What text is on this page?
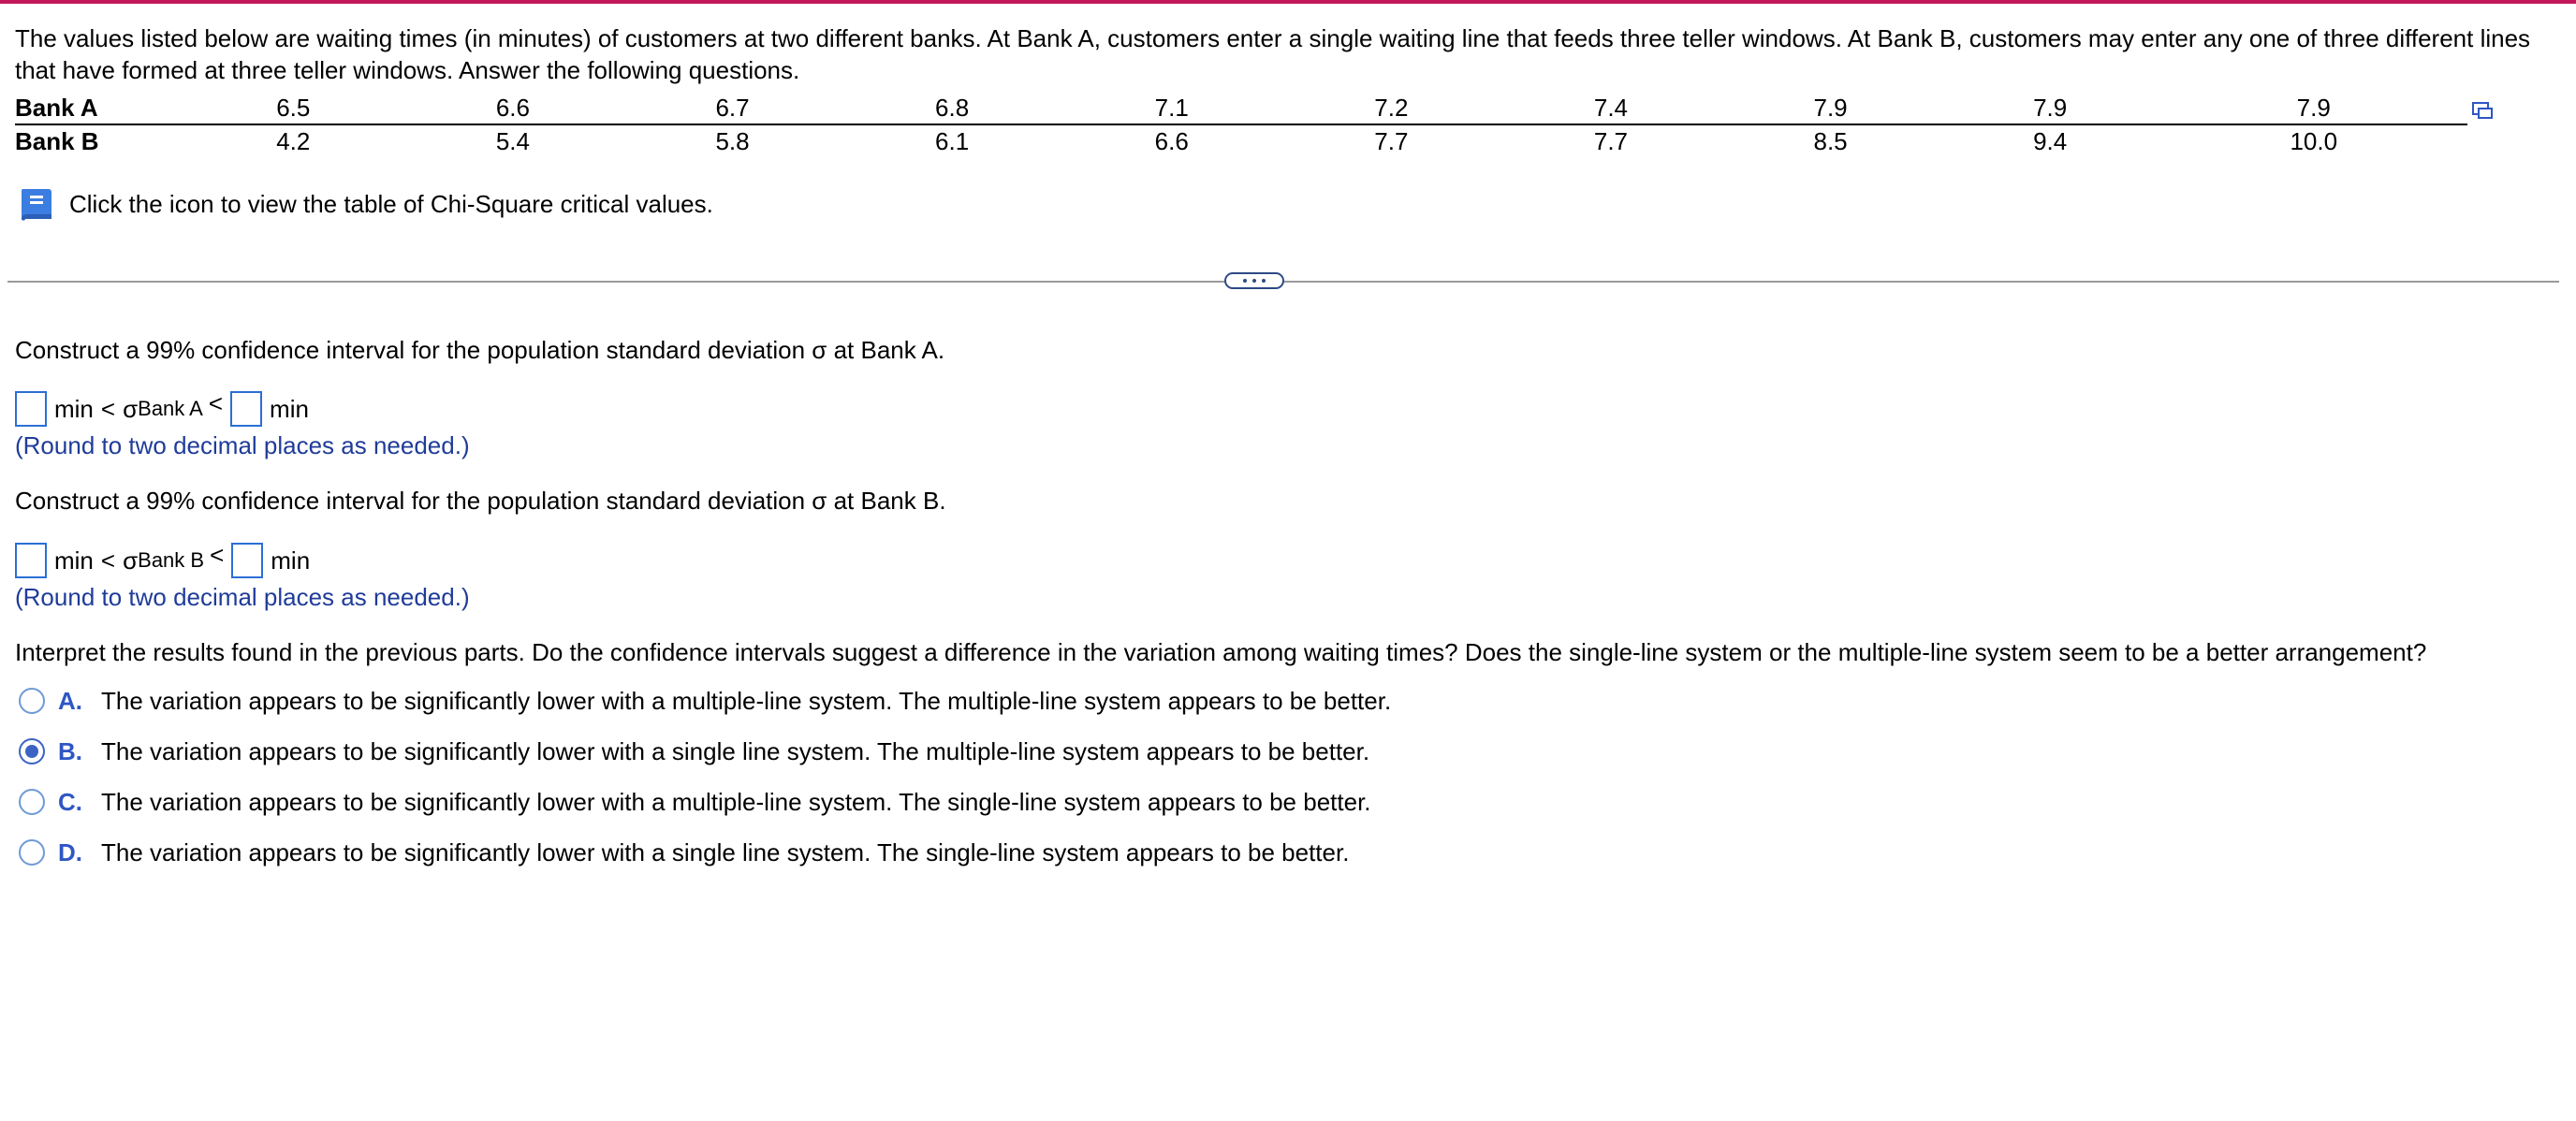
The values listed below are waiting times (in minutes) of customers at two different banks. At Bank A, customers enter a single waiting line that feeds three teller windows. At Bank B, customers may enter any one of three different lines that have formed at three teller windows. Answer the following questions.
Bank A	6.5	6.6	6.7	6.8	7.1	7.2	7.4	7.9	7.9	7.9
Bank B	4.2	5.4	5.8	6.1	6.6	7.7	7.7	8.5	9.4	10.0
Click the icon to view the table of Chi-Square critical values.
Construct a 99% confidence interval for the population standard deviation σ at Bank A.
min < σ Bank A < min
(Round to two decimal places as needed.)
Construct a 99% confidence interval for the population standard deviation σ at Bank B.
min < σ Bank B < min
(Round to two decimal places as needed.)
Interpret the results found in the previous parts. Do the confidence intervals suggest a difference in the variation among waiting times? Does the single-line system or the multiple-line system seem to be a better arrangement?
A. The variation appears to be significantly lower with a multiple-line system. The multiple-line system appears to be better.
B. The variation appears to be significantly lower with a single line system. The multiple-line system appears to be better.
C. The variation appears to be significantly lower with a multiple-line system. The single-line system appears to be better.
D. The variation appears to be significantly lower with a single line system. The single-line system appears to be better.
